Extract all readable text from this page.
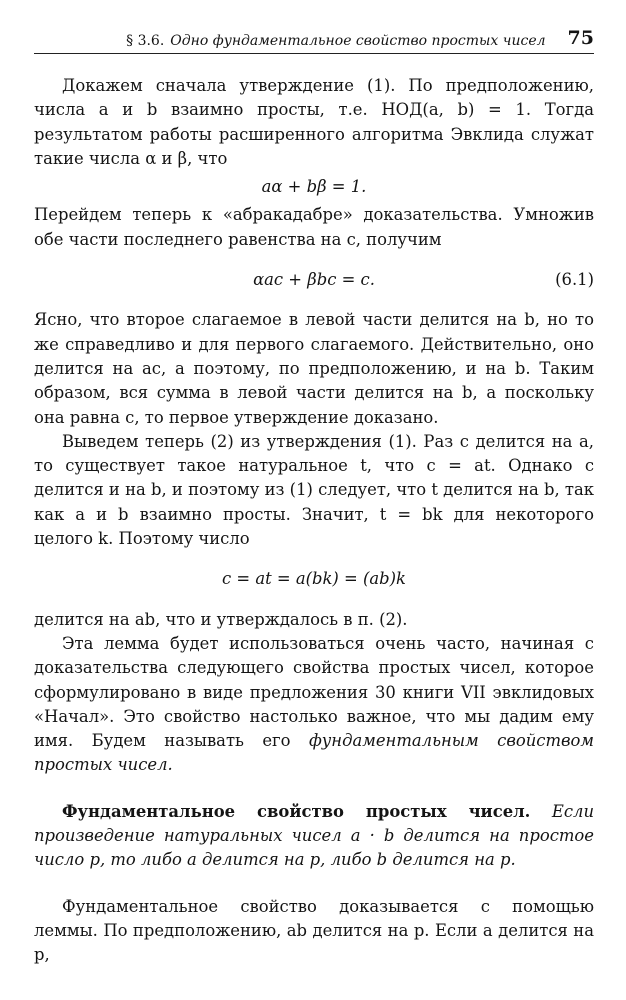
§ 3.6. Одно фундаментальное свойство простых чисел 75

Докажем сначала утверждение (1). По предположению, числа a и b взаимно просты, т.е. НОД(a, b) = 1. Тогда результатом работы расширенного алгоритма Эвклида служат такие числа α и β, что

aα + bβ = 1.

Перейдем теперь к «абракадабре» доказательства. Умножив обе части последнего равенства на c, получим

αac + βbc = c.	(6.1)

Ясно, что второе слагаемое в левой части делится на b, но то же справедливо и для первого слагаемого. Действительно, оно делится на ac, а поэтому, по предположению, и на b. Таким образом, вся сумма в левой части делится на b, а поскольку она равна c, то первое утверждение доказано.

Выведем теперь (2) из утверждения (1). Раз c делится на a, то существует такое натуральное t, что c = at. Однако c делится и на b, и поэтому из (1) следует, что t делится на b, так как a и b взаимно просты. Значит, t = bk для некоторого целого k. Поэтому число

c = at = a(bk) = (ab)k

делится на ab, что и утверждалось в п. (2).

Эта лемма будет использоваться очень часто, начиная с доказательства следующего свойства простых чисел, которое сформулировано в виде предложения 30 книги VII эвклидовых «Начал». Это свойство настолько важное, что мы дадим ему имя. Будем называть его фундаментальным свойством простых чисел.

Фундаментальное свойство простых чисел. Если произведение натуральных чисел a · b делится на простое число p, то либо a делится на p, либо b делится на p.

Фундаментальное свойство доказывается с помощью леммы. По предположению, ab делится на p. Если a делится на p,
